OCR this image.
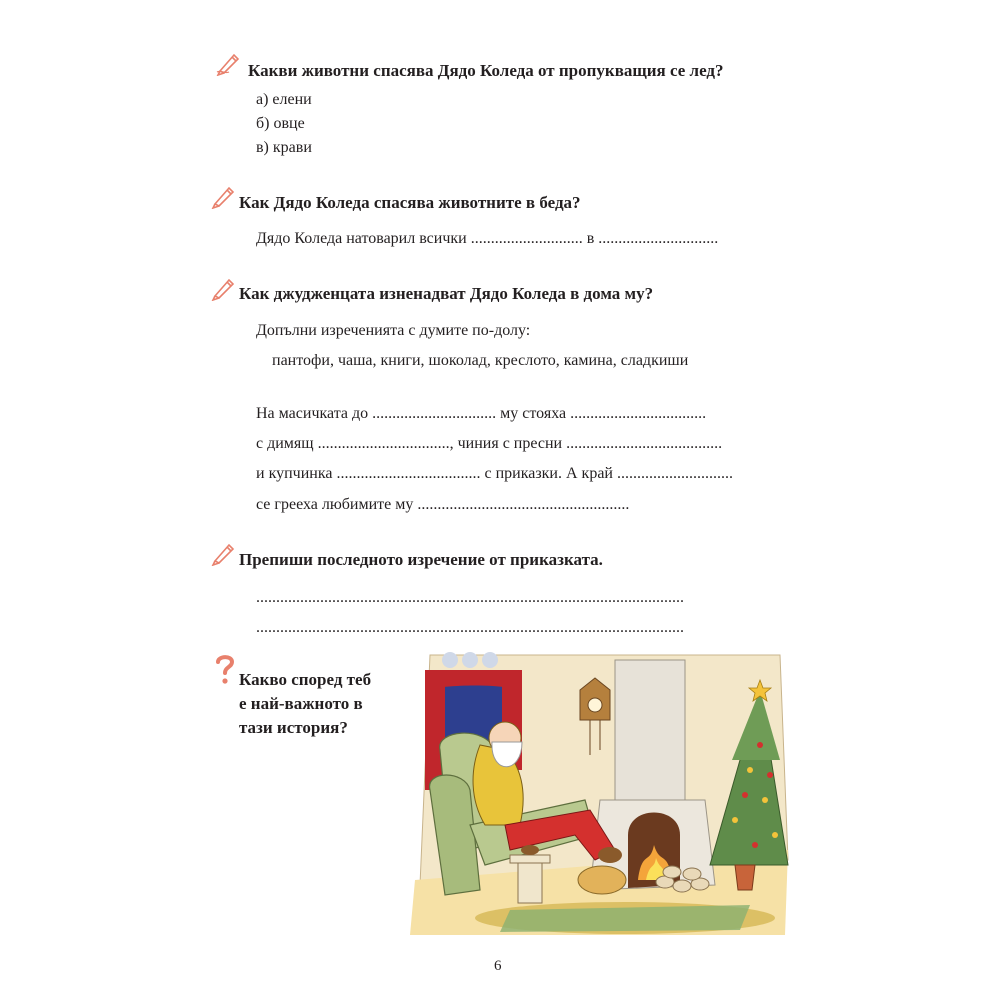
Какви животни спасява Дядо Коледа от пропукващия се лед?
а) елени
б) овце
в) крави
Как Дядо Коледа спасява животните в беда?
Дядо Коледа натоварил всички ............................ в ..............................
Как джудженцата изненадват Дядо Коледа в дома му?
Допълни изреченията с думите по-долу:
пантофи, чаша, книги, шоколад, креслото, камина, сладкиши
На масичката до ............................... му стояха ..................................
с димящ ................................., чиния с пресни .......................................
и купчинка .................................... с приказки. А край .............................
се грееха любимите му .....................................................
Препиши последното изречение от приказката.
...........................................................................................................
...........................................................................................................
Какво според теб
е най-важното в
тази история?
6
